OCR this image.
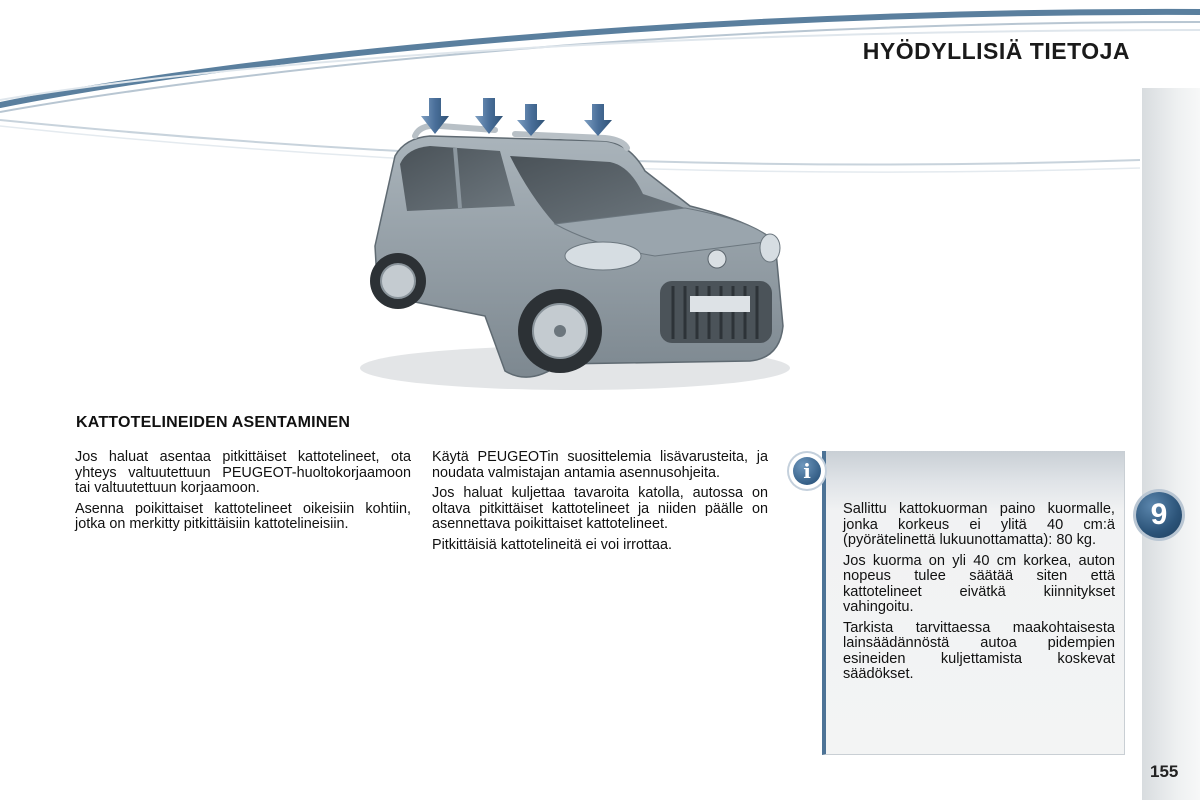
HYÖDYLLISIÄ TIETOJA
9
KATTOTELINEIDEN ASENTAMINEN

Jos haluat asentaa pitkittäiset kattotelineet, ota yhteys valtuutettuun PEUGEOT-huoltokorjaamoon tai valtuutettuun korjaamoon.

Asenna poikittaiset kattotelineet oikeisiin kohtiin, jotka on merkitty pitkittäisiin kattotelineisiin.

Käytä PEUGEOTin suosittelemia lisävarusteita, ja noudata valmistajan antamia asennusohjeita.

Jos haluat kuljettaa tavaroita katolla, autossa on oltava pitkittäiset kattotelineet ja niiden päälle on asennettava poikittaiset kattotelineet.

Pitkittäisiä kattotelineitä ei voi irrottaa.

i

Sallittu kattokuorman paino kuormalle, jonka korkeus ei ylitä 40 cm:ä (pyörätelinettä lukuunottamatta): 80 kg.

Jos kuorma on yli 40 cm korkea, auton nopeus tulee säätää siten että kattotelineet eivätkä kiinnitykset vahingoitu.

Tarkista tarvittaessa maakohtaisesta lainsäädännöstä autoa pidempien esineiden kuljettamista koskevat säädökset.

155
